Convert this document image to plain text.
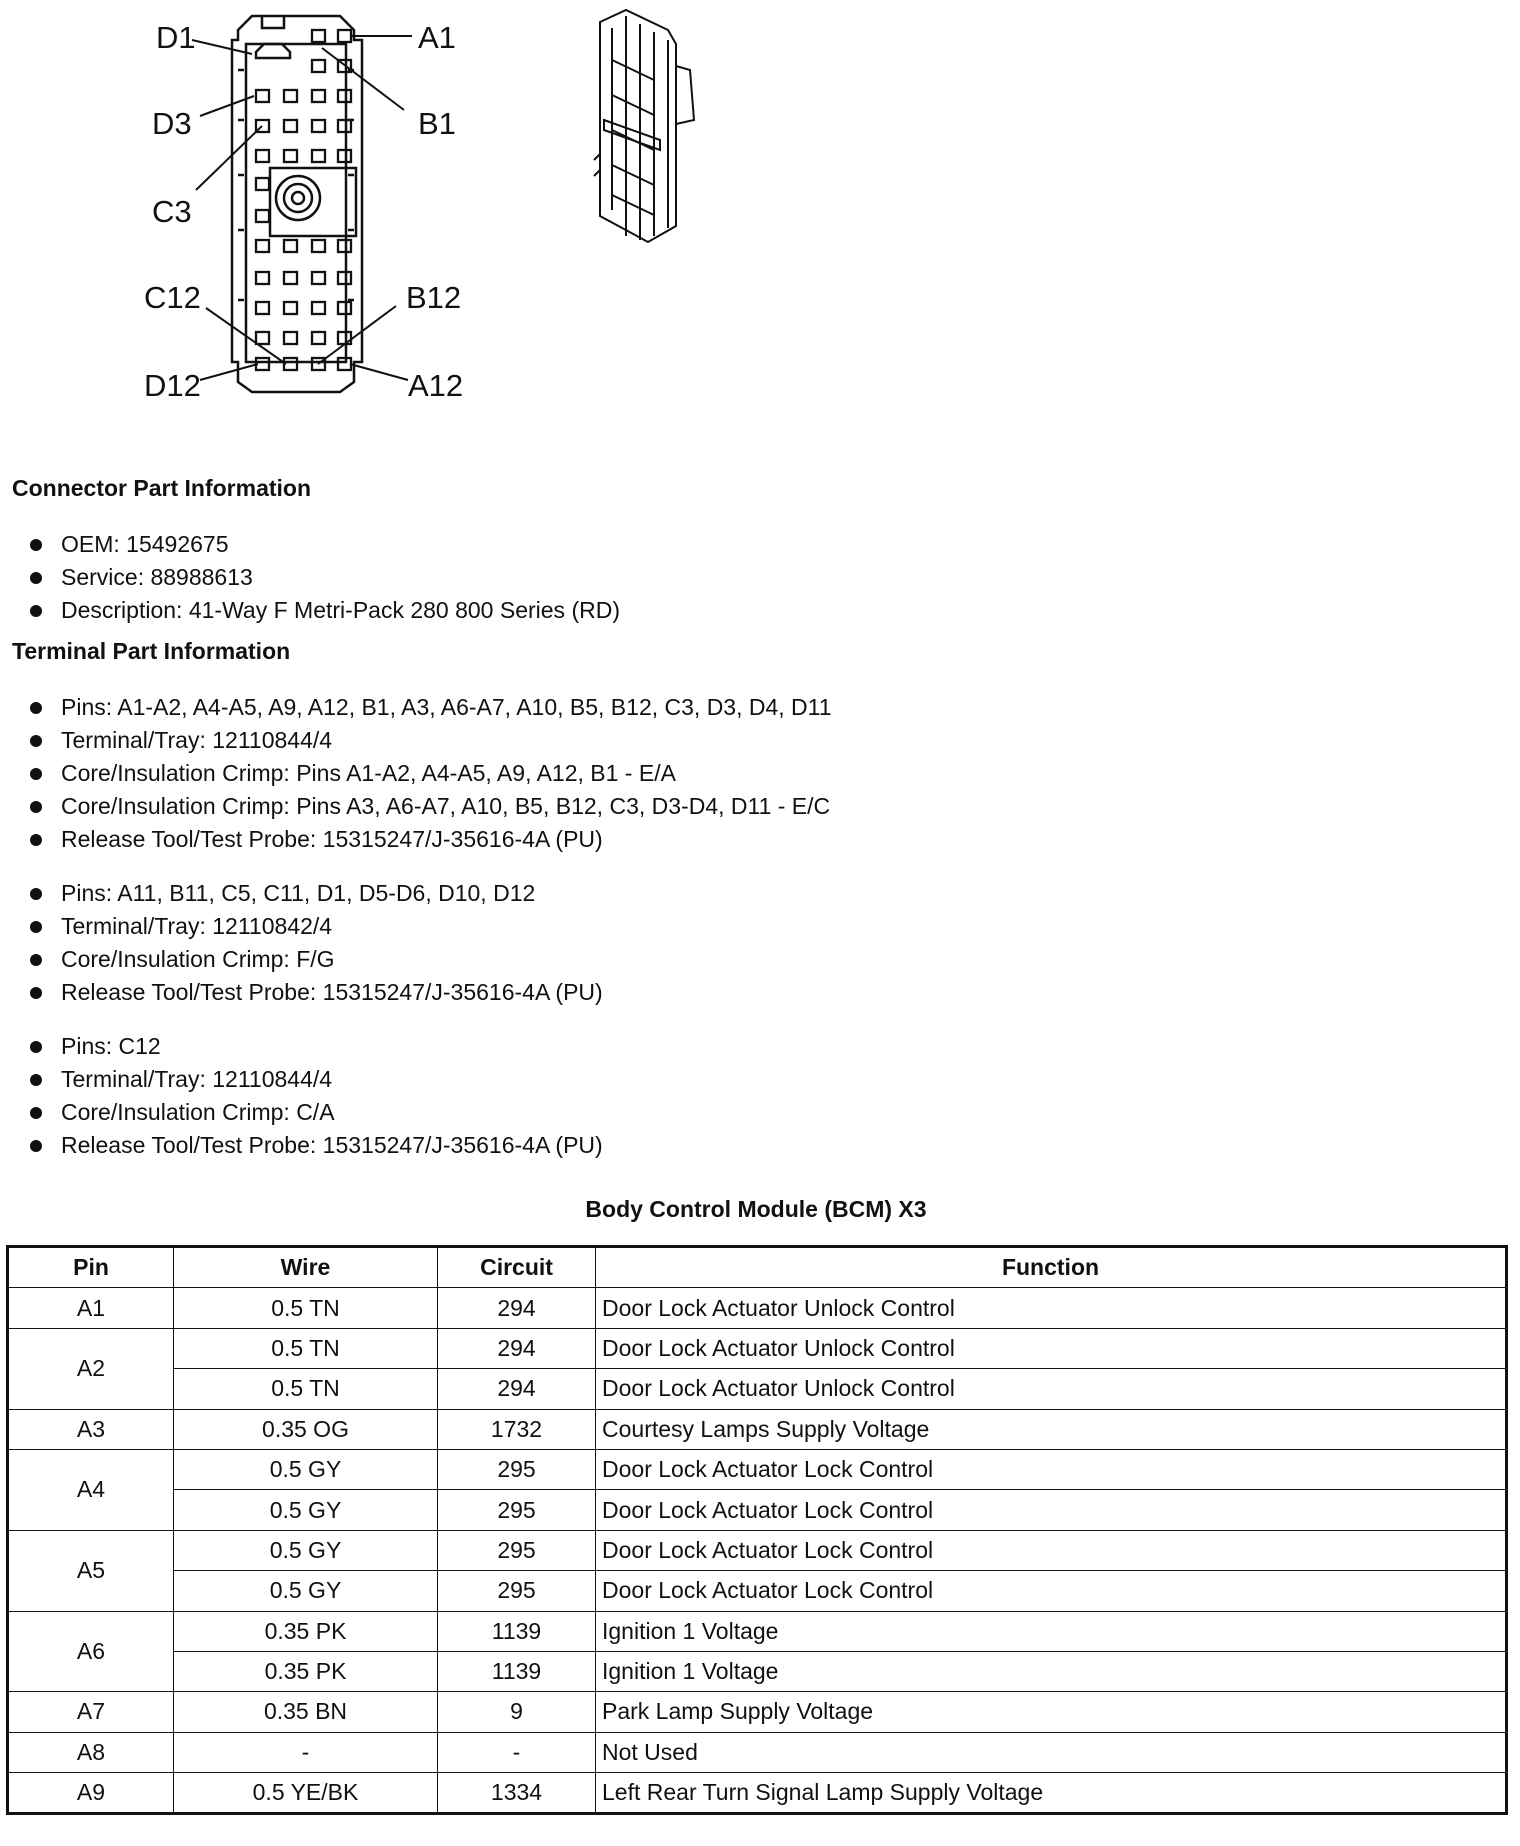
D1	A1
D3	B1
C3
C12	B12
D12	A12
Connector Part Information
OEM: 15492675
Service: 88988613
Description: 41-Way F Metri-Pack 280 800 Series (RD)
Terminal Part Information
Pins: A1-A2, A4-A5, A9, A12, B1, A3, A6-A7, A10, B5, B12, C3, D3, D4, D11
Terminal/Tray: 12110844/4
Core/Insulation Crimp: Pins A1-A2, A4-A5, A9, A12, B1 - E/A
Core/Insulation Crimp: Pins A3, A6-A7, A10, B5, B12, C3, D3-D4, D11 - E/C
Release Tool/Test Probe: 15315247/J-35616-4A (PU)
Pins: A11, B11, C5, C11, D1, D5-D6, D10, D12
Terminal/Tray: 12110842/4
Core/Insulation Crimp: F/G
Release Tool/Test Probe: 15315247/J-35616-4A (PU)
Pins: C12
Terminal/Tray: 12110844/4
Core/Insulation Crimp: C/A
Release Tool/Test Probe: 15315247/J-35616-4A (PU)
Body Control Module (BCM) X3
Pin	Wire	Circuit	Function
A1	0.5 TN	294	Door Lock Actuator Unlock Control
A2	0.5 TN	294	Door Lock Actuator Unlock Control
	0.5 TN	294	Door Lock Actuator Unlock Control
A3	0.35 OG	1732	Courtesy Lamps Supply Voltage
A4	0.5 GY	295	Door Lock Actuator Lock Control
	0.5 GY	295	Door Lock Actuator Lock Control
A5	0.5 GY	295	Door Lock Actuator Lock Control
	0.5 GY	295	Door Lock Actuator Lock Control
A6	0.35 PK	1139	Ignition 1 Voltage
	0.35 PK	1139	Ignition 1 Voltage
A7	0.35 BN	9	Park Lamp Supply Voltage
A8	-	-	Not Used
A9	0.5 YE/BK	1334	Left Rear Turn Signal Lamp Supply Voltage
